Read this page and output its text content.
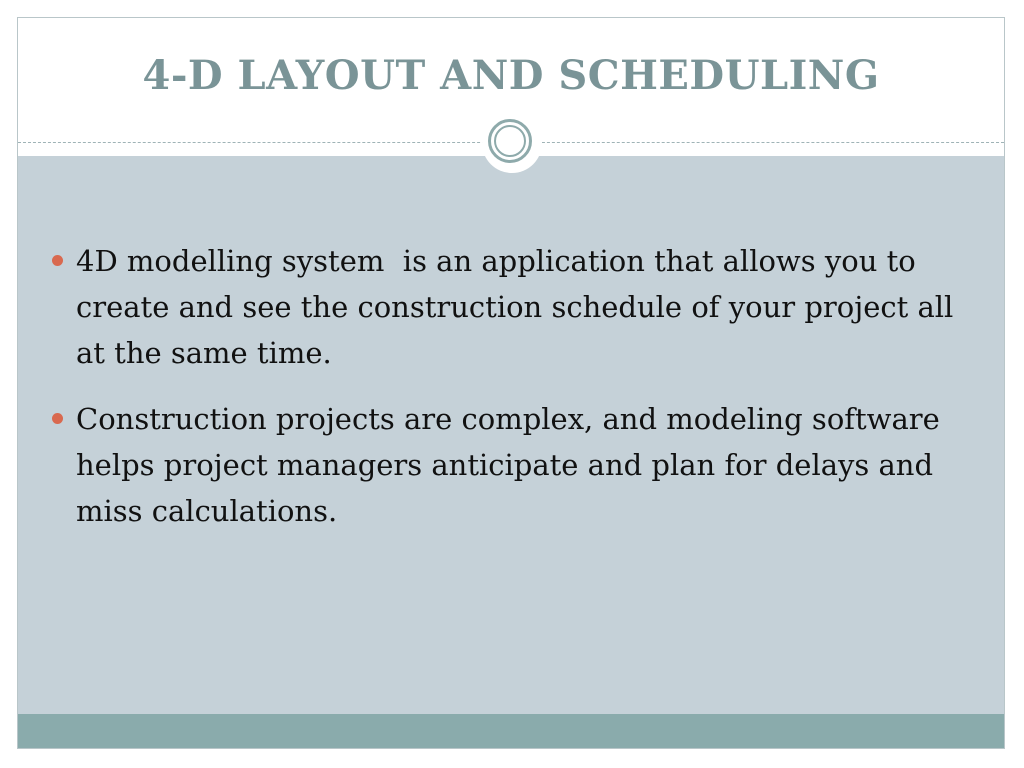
4-D LAYOUT AND SCHEDULING
4D modelling system  is an application that allows you to create and see the construction schedule of your project all at the same time.
Construction projects are complex, and modeling software helps project managers anticipate and plan for delays and miss calculations.
